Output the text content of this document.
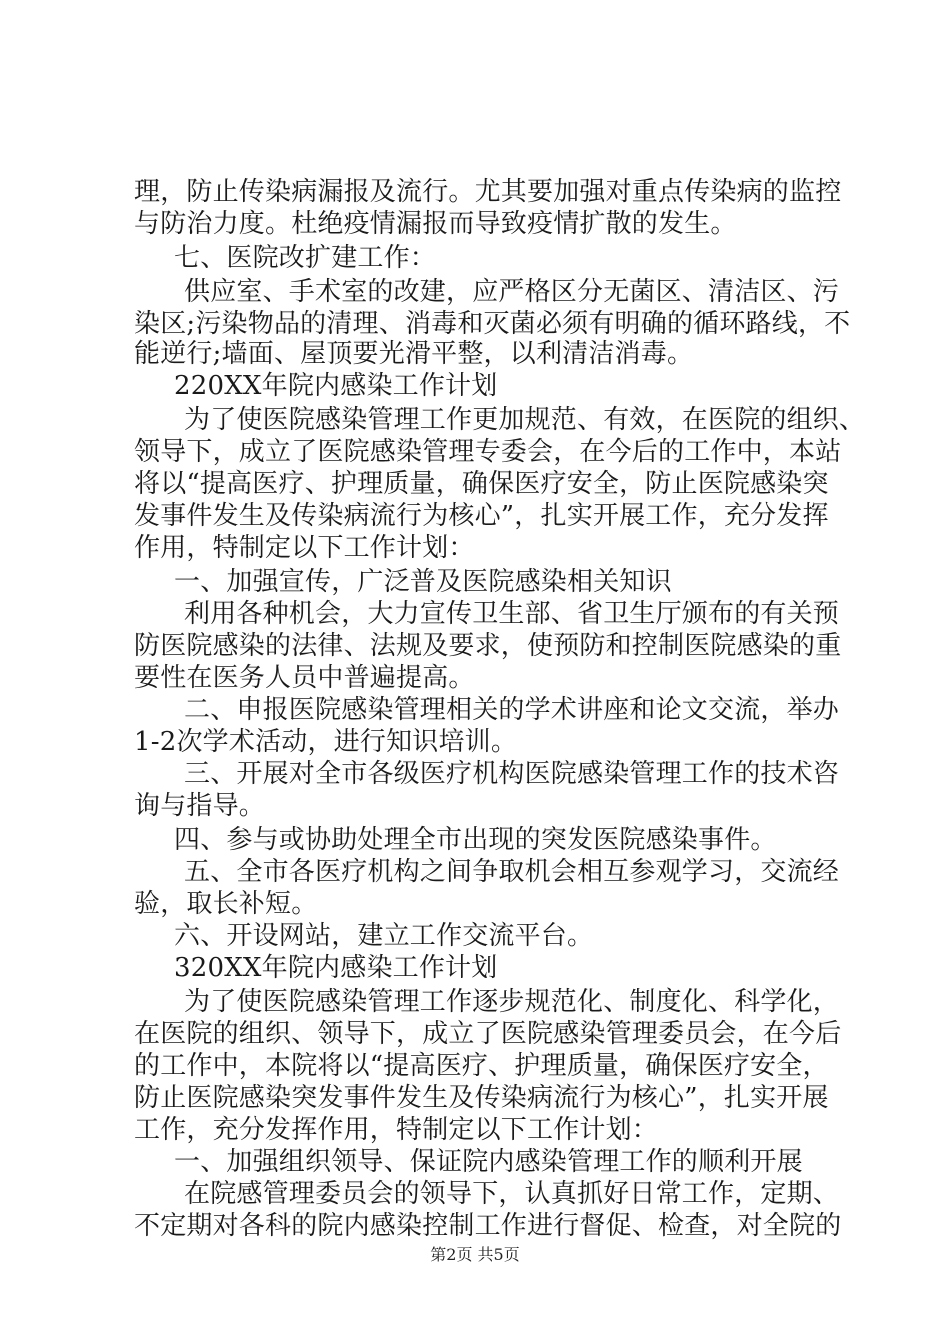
理，防止传染病漏报及流行。尤其要加强对重点传染病的监控
与防治力度。杜绝疫情漏报而导致疫情扩散的发生。
七、医院改扩建工作：
供应室、手术室的改建，应严格区分无菌区、清洁区、污
染区;污染物品的清理、消毒和灭菌必须有明确的循环路线，不
能逆行;墙面、屋顶要光滑平整，以利清洁消毒。
220XX年院内感染工作计划
为了使医院感染管理工作更加规范、有效，在医院的组织、
领导下，成立了医院感染管理专委会，在今后的工作中，本站
将以“提高医疗、护理质量，确保医疗安全，防止医院感染突
发事件发生及传染病流行为核心”，扎实开展工作，充分发挥
作用，特制定以下工作计划：
一、加强宣传，广泛普及医院感染相关知识
利用各种机会，大力宣传卫生部、省卫生厅颁布的有关预
防医院感染的法律、法规及要求，使预防和控制医院感染的重
要性在医务人员中普遍提高。
二、申报医院感染管理相关的学术讲座和论文交流，举办
1-2次学术活动，进行知识培训。
三、开展对全市各级医疗机构医院感染管理工作的技术咨
询与指导。
四、参与或协助处理全市出现的突发医院感染事件。
五、全市各医疗机构之间争取机会相互参观学习，交流经
验，取长补短。
六、开设网站，建立工作交流平台。
320XX年院内感染工作计划
为了使医院感染管理工作逐步规范化、制度化、科学化，
在医院的组织、领导下，成立了医院感染管理委员会，在今后
的工作中，本院将以“提高医疗、护理质量，确保医疗安全，
防止医院感染突发事件发生及传染病流行为核心”，扎实开展
工作，充分发挥作用，特制定以下工作计划：
一、加强组织领导、保证院内感染管理工作的顺利开展
在院感管理委员会的领导下，认真抓好日常工作，定期、
不定期对各科的院内感染控制工作进行督促、检查，对全院的
第2页 共5页
